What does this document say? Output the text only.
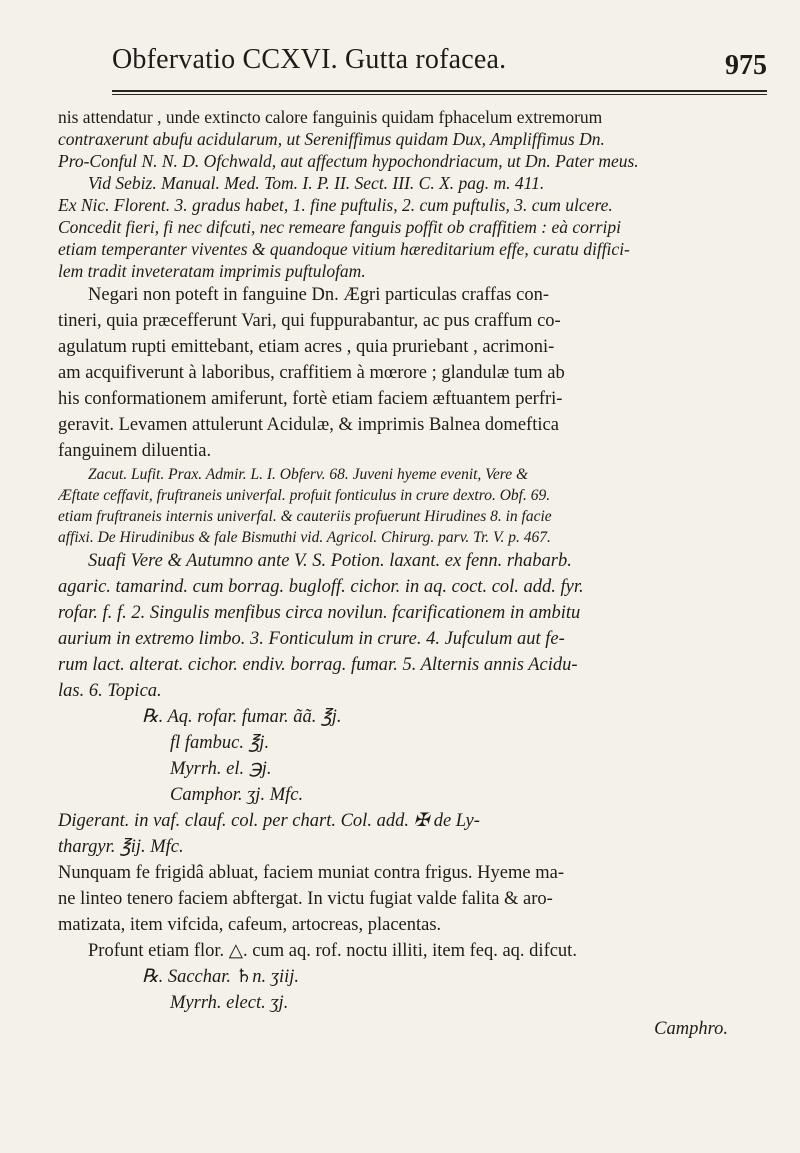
Obfervatio CCXVI. Gutta rofacea.	975
nis attendatur , unde extincto calore fanguinis quidam fphacelum extremorum
contraxerunt abufu acidularum, ut Sereniffimus quidam Dux, Ampliffimus Dn.
Pro-Conful N. N. D. Ofchwald, aut affectum hypochondriacum, ut Dn. Pater meus.
Vid Sebiz. Manual. Med. Tom. I. P. II. Sect. III. C. X. pag. m. 411.
Ex Nic. Florent. 3. gradus habet, 1. fine puftulis, 2. cum puftulis, 3. cum ulcere.
Concedit fieri, fi nec difcuti, nec remeare fanguis poffit ob craffitiem : eà corripi
etiam temperanter viventes & quandoque vitium hæreditarium effe, curatu diffici-
lem tradit inveteratam imprimis puftulofam.
Negari non poteft in fanguine Dn. Ægri particulas craffas con-
tineri, quia præcefferunt Vari, qui fuppurabantur, ac pus craffum co-
agulatum rupti emittebant, etiam acres , quia pruriebant , acrimoni-
am acquifiverunt à laboribus, craffitiem à mœrore ; glandulæ tum ab
his conformationem amiferunt, fortè etiam faciem æftuantem perfri-
geravit. Levamen attulerunt Acidulæ, & imprimis Balnea domeftica
fanguinem diluentia.
Zacut. Lufit. Prax. Admir. L. I. Obferv. 68. Juveni hyeme evenit, Vere &
Æftate ceffavit, fruftraneis univerfal. profuit fonticulus in crure dextro. Obf. 69.
etiam fruftraneis internis univerfal. & cauteriis profuerunt Hirudines 8. in facie
affixi. De Hirudinibus & fale Bismuthi vid. Agricol. Chirurg. parv. Tr. V. p. 467.
Suafi Vere & Autumno ante V. S. Potion. laxant. ex fenn. rhabarb.
agaric. tamarind. cum borrag. bugloff. cichor. in aq. coct. col. add. fyr.
rofar. f. f. 2. Singulis menfibus circa novilun. fcarificationem in ambitu
aurium in extremo limbo. 3. Fonticulum in crure. 4. Jufculum aut fe-
rum lact. alterat. cichor. endiv. borrag. fumar. 5. Alternis annis Acidu-
las. 6. Topica.
℞. Aq. rofar. fumar. ãã. ℥j.
fl fambuc. ℥j.
Myrrh. el. ℈j.
Camphor. ʒj. Mfc.
Digerant. in vaf. clauf. col. per chart. Col. add. ✠ de Ly-
thargyr. ℥ij. Mfc.
Nunquam fe frigidâ abluat, faciem muniat contra frigus. Hyeme ma-
ne linteo tenero faciem abftergat. In victu fugiat valde falita & aro-
matizata, item vifcida, cafeum, artocreas, placentas.
Profunt etiam flor. △. cum aq. rof. noctu illiti, item feq. aq. difcut.
℞. Sacchar. ♄n. ʒiij.
Myrrh. elect. ʒj.
Camphro.
